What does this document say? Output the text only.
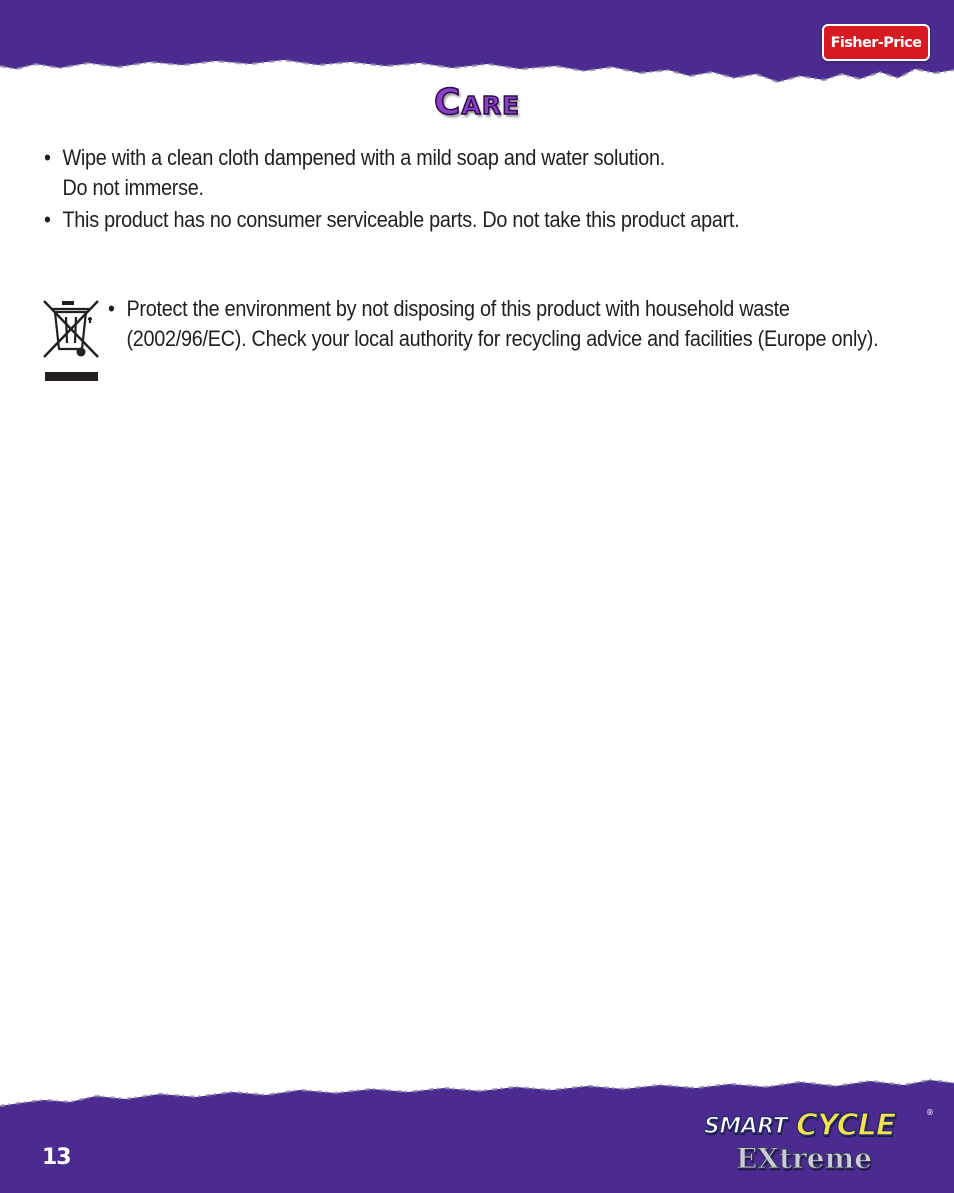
Fisher-Price
Care
• Wipe with a clean cloth dampened with a mild soap and water solution.
Do not immerse.
• This product has no consumer serviceable parts. Do not take this product apart.
• Protect the environment by not disposing of this product with household waste (2002/96/EC). Check your local authority for recycling advice and facilities (Europe only).
13
SMART CYCLE	®
EXtreme
